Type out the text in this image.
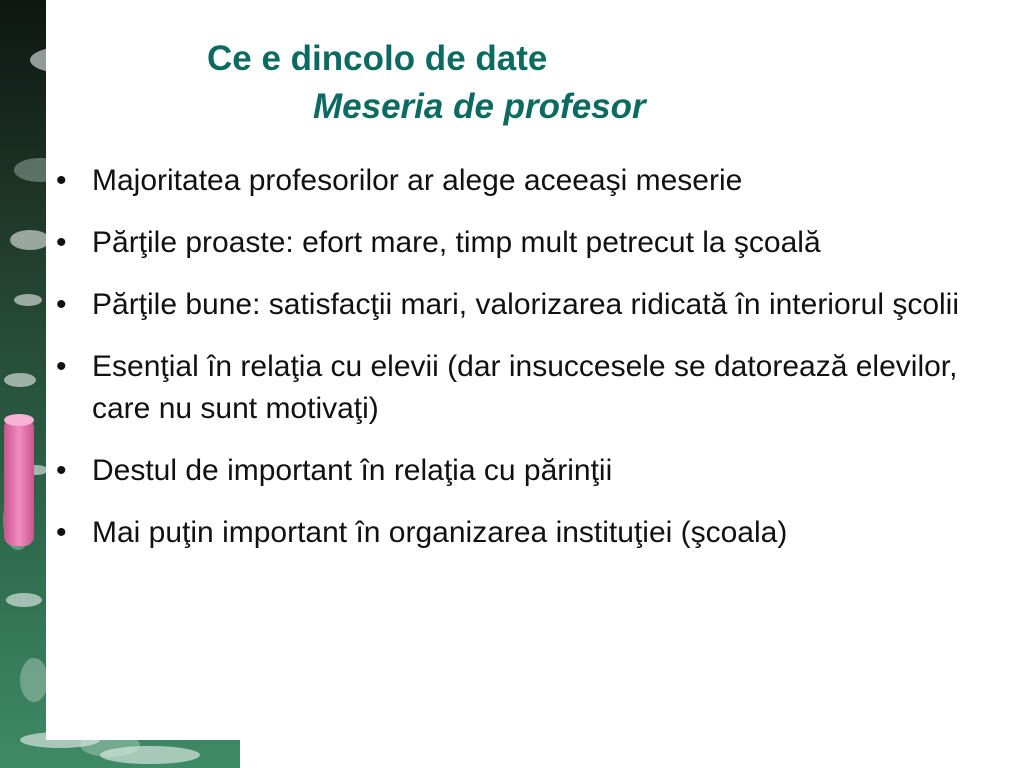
Ce e dincolo de date
Meseria de profesor
• Majoritatea profesorilor ar alege aceeaşi meserie
• Părţile proaste: efort mare, timp mult petrecut la şcoală
• Părţile bune: satisfacţii mari, valorizarea ridicată în interiorul şcolii
• Esenţial în relaţia cu elevii (dar insuccesele se datorează elevilor, care nu sunt motivaţi)
• Destul de important în relaţia cu părinţii
• Mai puţin important în organizarea instituţiei (şcoala)
